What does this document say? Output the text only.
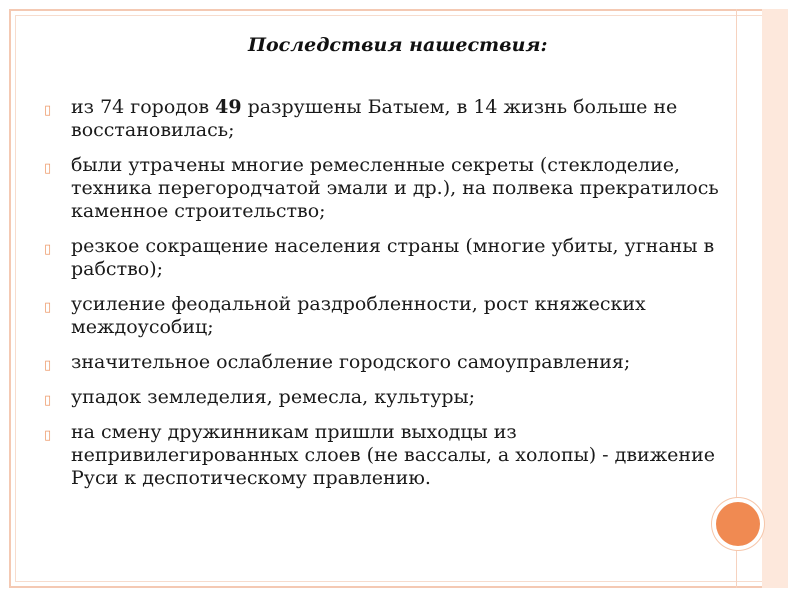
Последствия нашествия:
▯ из 74 городов 49 разрушены Батыем, в 14 жизнь больше не восстановилась;
▯ были утрачены многие ремесленные секреты (стеклоделие, техника перегородчатой эмали и др.), на полвека прекратилось каменное строительство;
▯ резкое сокращение населения страны (многие убиты, угнаны в рабство);
▯ усиление феодальной раздробленности, рост княжеских междоусобиц;
▯ значительное ослабление городского самоуправления;
▯ упадок земледелия, ремесла, культуры;
▯ на смену дружинникам пришли выходцы из непривилегированных слоев (не вассалы, а холопы) - движение Руси к деспотическому правлению.
